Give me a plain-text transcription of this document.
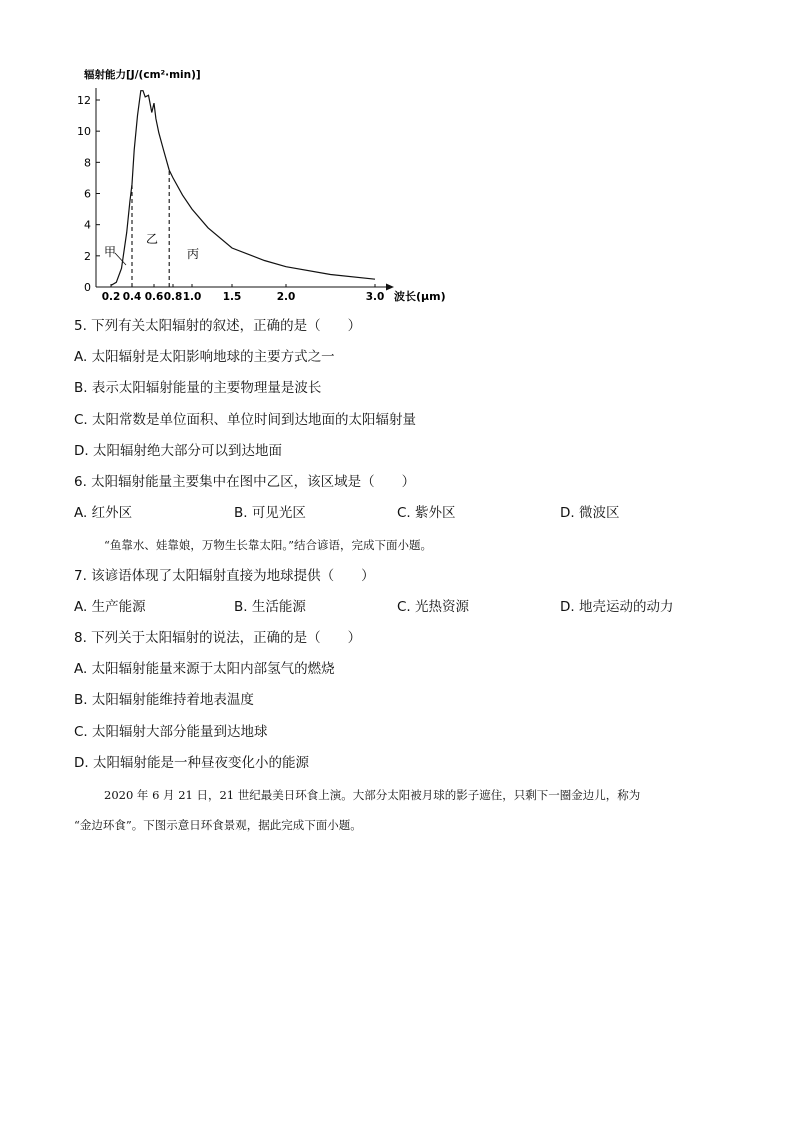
辐射能力[J/(cm²·min)]
0
2
4
6
8
10
12
0.2 0.4 0.6 0.8 1.0 1.5	2.0	3.0
甲
乙
丙
波长(μm)
5. 下列有关太阳辐射的叙述，正确的是（　　）
A. 太阳辐射是太阳影响地球的主要方式之一
B. 表示太阳辐射能量的主要物理量是波长
C. 太阳常数是单位面积、单位时间到达地面的太阳辐射量
D. 太阳辐射绝大部分可以到达地面
6. 太阳辐射能量主要集中在图中乙区，该区域是（　　）
A. 红外区	B. 可见光区	C. 紫外区	D. 微波区
“鱼靠水、娃靠娘，万物生长靠太阳。”结合谚语，完成下面小题。
7. 该谚语体现了太阳辐射直接为地球提供（　　）
A. 生产能源	B. 生活能源	C. 光热资源	D. 地壳运动的动力
8. 下列关于太阳辐射的说法，正确的是（　　）
A. 太阳辐射能量来源于太阳内部氢气的燃烧
B. 太阳辐射能维持着地表温度
C. 太阳辐射大部分能量到达地球
D. 太阳辐射能是一种昼夜变化小的能源
2020 年 6 月 21 日，21 世纪最美日环食上演。大部分太阳被月球的影子遮住，只剩下一圈金边儿，称为
“金边环食”。下图示意日环食景观，据此完成下面小题。
